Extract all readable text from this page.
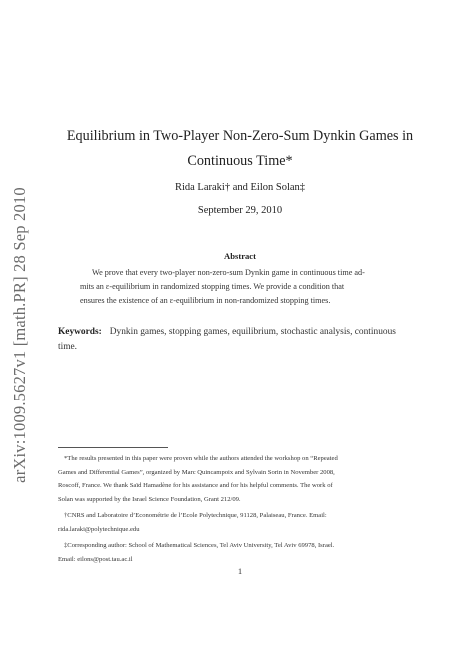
arXiv:1009.5627v1 [math.PR] 28 Sep 2010
Equilibrium in Two-Player Non-Zero-Sum Dynkin Games in
Continuous Time*
Rida Laraki† and Eilon Solan‡
September 29, 2010
Abstract
We prove that every two-player non-zero-sum Dynkin game in continuous time ad-
mits an ε-equilibrium in randomized stopping times. We provide a condition that
ensures the existence of an ε-equilibrium in non-randomized stopping times.
Keywords: Dynkin games, stopping games, equilibrium, stochastic analysis, continuous
time.
*The results presented in this paper were proven while the authors attended the workshop on “Repeated
Games and Differential Games”, organized by Marc Quincampoix and Sylvain Sorin in November 2008,
Roscoff, France. We thank Saïd Hamadène for his assistance and for his helpful comments. The work of
Solan was supported by the Israel Science Foundation, Grant 212/09.
†CNRS and Laboratoire d’Econométrie de l’Ecole Polytechnique, 91128, Palaiseau, France. Email:
rida.laraki@polytechnique.edu
‡Corresponding author: School of Mathematical Sciences, Tel Aviv University, Tel Aviv 69978, Israel.
Email: eilons@post.tau.ac.il
1
